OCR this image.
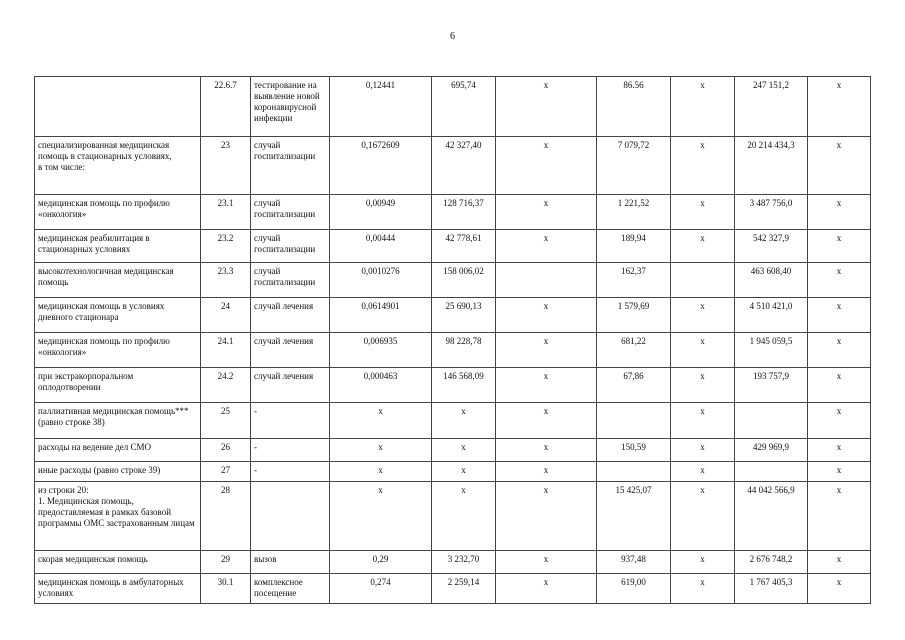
6
	22.6.7	тестирование на выявление новой коронавирусной инфекции	0,12441	695,74	х	86.56	х	247 151,2	х
специализированная медицинская помощь в стационарных условиях,
в том числе:	23	случай госпитализации	0,1672609	42 327,40	х	7 079,72	х	20 214 434,3	х
медицинская помощь по профилю «онкология»	23.1	случай госпитализации	0,00949	128 716,37	х	1 221,52	х	3 487 756,0	х
медицинская реабилитация в стационарных условиях	23.2	случай госпитализации	0,00444	42 778,61	х	189,94	х	542 327,9	х
высокотехнологичная медицинская помощь	23.3	случай госпитализации	0,0010276	158 006,02		162,37		463 608,40	х
медицинская помощь в условиях дневного стационара	24	случай лечения	0,0614901	25 690,13	х	1 579,69	х	4 510 421,0	х
медицинская помощь по профилю «онкология»	24.1	случай лечения	0,006935	98 228,78	х	681,22	х	1 945 059,5	х
при экстракорпоральном оплодотворении	24.2	случай лечения	0,000463	146 568,09	х	67,86	х	193 757,9	х
паллиативная медицинская помощь*** (равно строке 38)	25	-	х	х	х		х		х
расходы на ведение дел СМО	26	-	х	х	х	150,59	х	429 969,9	х
иные расходы (равно строке 39)	27	-	х	х	х		х		х
из строки 20:
1. Медицинская помощь, предоставляемая в рамках базовой программы ОМС застрахованным лицам	28		х	х	х	15 425,07	х	44 042 566,9	х
скорая медицинская помощь	29	вызов	0,29	3 232,70	х	937,48	х	2 676 748,2	х
медицинская помощь в амбулаторных условиях	30.1	комплексное посещение	0,274	2 259,14	х	619,00	х	1 767 405,3	х
